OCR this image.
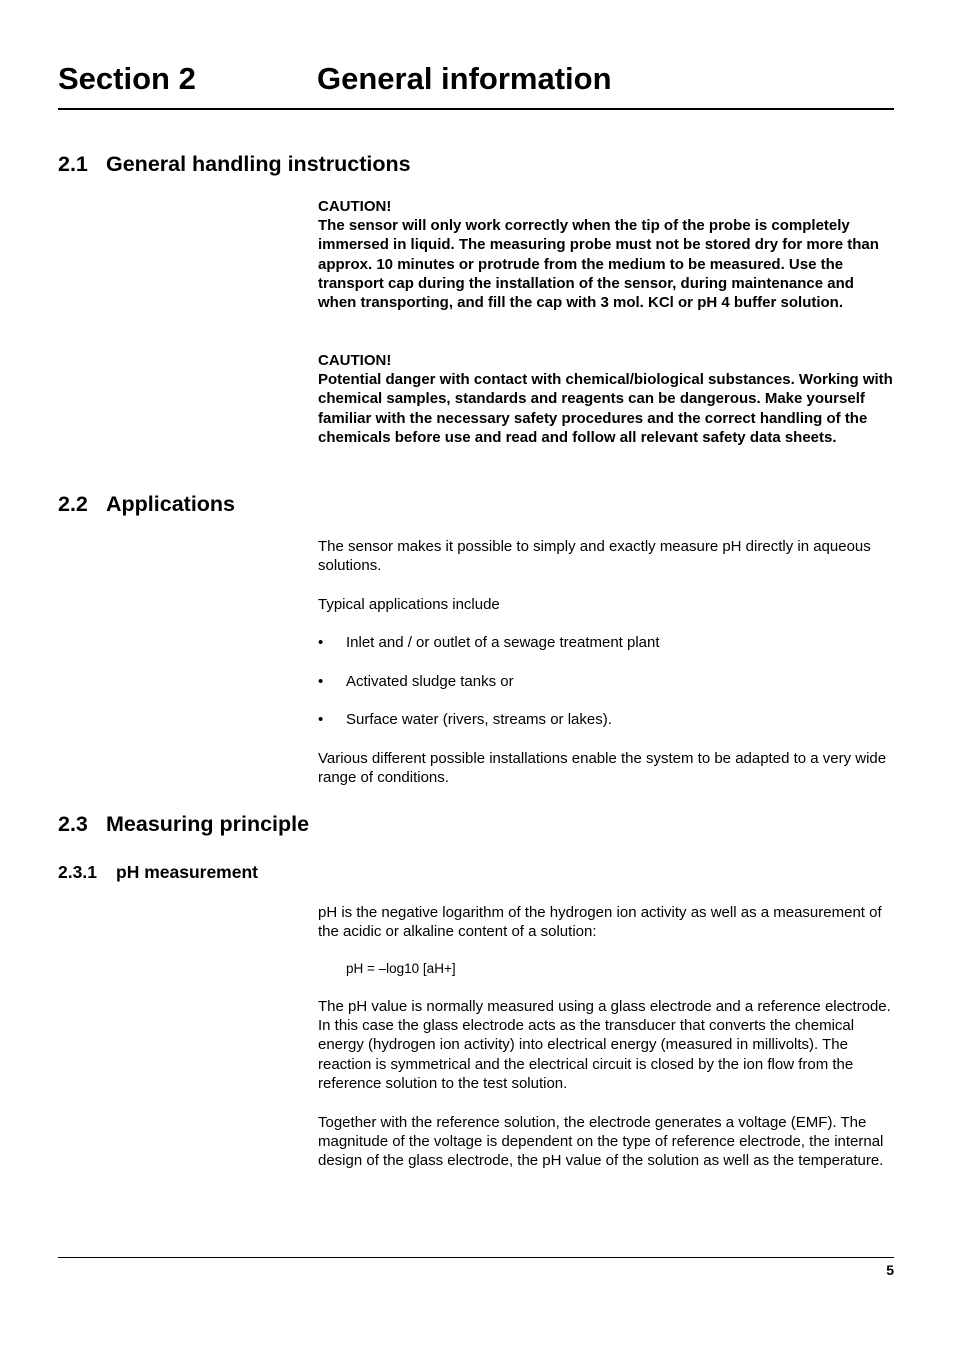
Section 2	General information
2.1 General handling instructions
CAUTION!
The sensor will only work correctly when the tip of the probe is completely immersed in liquid. The measuring probe must not be stored dry for more than approx. 10 minutes or protrude from the medium to be measured. Use the transport cap during the installation of the sensor, during maintenance and when transporting, and fill the cap with 3 mol. KCl or pH 4 buffer solution.
CAUTION!
Potential danger with contact with chemical/biological substances. Working with chemical samples, standards and reagents can be dangerous. Make yourself familiar with the necessary safety procedures and the correct handling of the chemicals before use and read and follow all relevant safety data sheets.
2.2 Applications
The sensor makes it possible to simply and exactly measure pH directly in aqueous solutions.
Typical applications include
• Inlet and / or outlet of a sewage treatment plant
• Activated sludge tanks or
• Surface water (rivers, streams or lakes).
Various different possible installations enable the system to be adapted to a very wide range of conditions.
2.3 Measuring principle
2.3.1 pH measurement
pH is the negative logarithm of the hydrogen ion activity as well as a measurement of the acidic or alkaline content of a solution:
pH = –log10 [aH+]
The pH value is normally measured using a glass electrode and a reference electrode. In this case the glass electrode acts as the transducer that converts the chemical energy (hydrogen ion activity) into electrical energy (measured in millivolts). The reaction is symmetrical and the electrical circuit is closed by the ion flow from the reference solution to the test solution.
Together with the reference solution, the electrode generates a voltage (EMF). The magnitude of the voltage is dependent on the type of reference electrode, the internal design of the glass electrode, the pH value of the solution as well as the temperature.
5
